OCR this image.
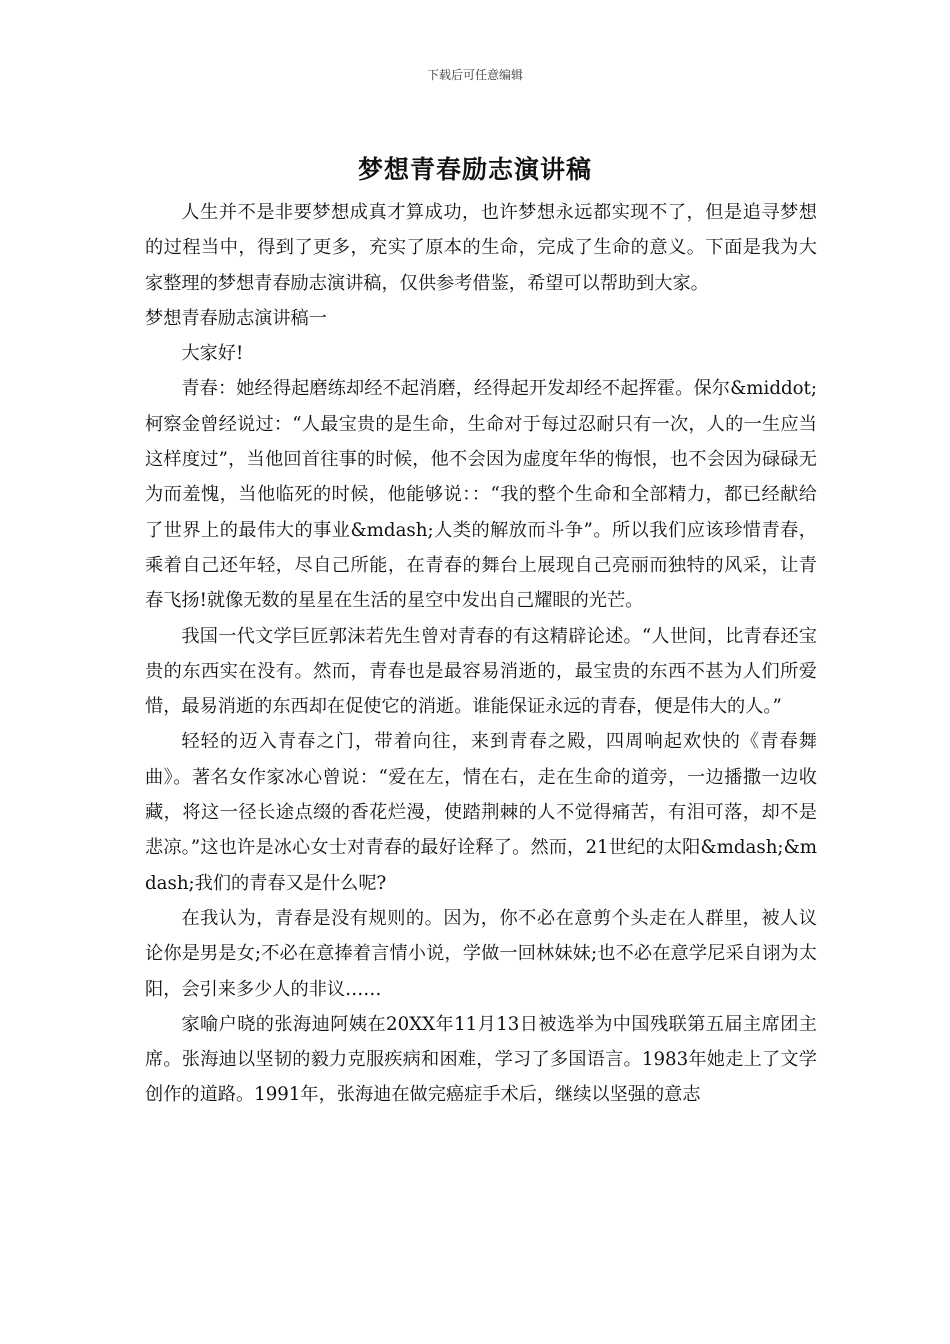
下载后可任意编辑
梦想青春励志演讲稿

人生并不是非要梦想成真才算成功，也许梦想永远都实现不了，但是追寻梦想的过程当中，得到了更多，充实了原本的生命，完成了生命的意义。下面是我为大家整理的梦想青春励志演讲稿，仅供参考借鉴，希望可以帮助到大家。

梦想青春励志演讲稿一

大家好!

青春：她经得起磨练却经不起消磨，经得起开发却经不起挥霍。保尔&middot;柯察金曾经说过：“人最宝贵的是生命，生命对于每过忍耐只有一次，人的一生应当这样度过”，当他回首往事的时候，他不会因为虚度年华的悔恨，也不会因为碌碌无为而羞愧，当他临死的时候，他能够说：：“我的整个生命和全部精力，都已经献给了世界上的最伟大的事业&mdash;人类的解放而斗争”。所以我们应该珍惜青春，乘着自己还年轻，尽自己所能，在青春的舞台上展现自己亮丽而独特的风采，让青春飞扬!就像无数的星星在生活的星空中发出自己耀眼的光芒。

我国一代文学巨匠郭沫若先生曾对青春的有这精辟论述。“人世间，比青春还宝贵的东西实在没有。然而，青春也是最容易消逝的，最宝贵的东西不甚为人们所爱惜，最易消逝的东西却在促使它的消逝。谁能保证永远的青春，便是伟大的人。”

轻轻的迈入青春之门，带着向往，来到青春之殿，四周响起欢快的《青春舞曲》。著名女作家冰心曾说：“爱在左，情在右，走在生命的道旁，一边播撒一边收藏，将这一径长途点缀的香花烂漫，使踏荆棘的人不觉得痛苦，有泪可落，却不是悲凉。”这也许是冰心女士对青春的最好诠释了。然而，21世纪的太阳&mdash;&mdash;我们的青春又是什么呢?

在我认为，青春是没有规则的。因为，你不必在意剪个头走在人群里，被人议论你是男是女;不必在意捧着言情小说，学做一回林妹妹;也不必在意学尼采自诩为太阳，会引来多少人的非议……

家喻户晓的张海迪阿姨在20XX年11月13日被选举为中国残联第五届主席团主席。张海迪以坚韧的毅力克服疾病和困难，学习了多国语言。1983年她走上了文学创作的道路。1991年，张海迪在做完癌症手术后，继续以坚强的意志
